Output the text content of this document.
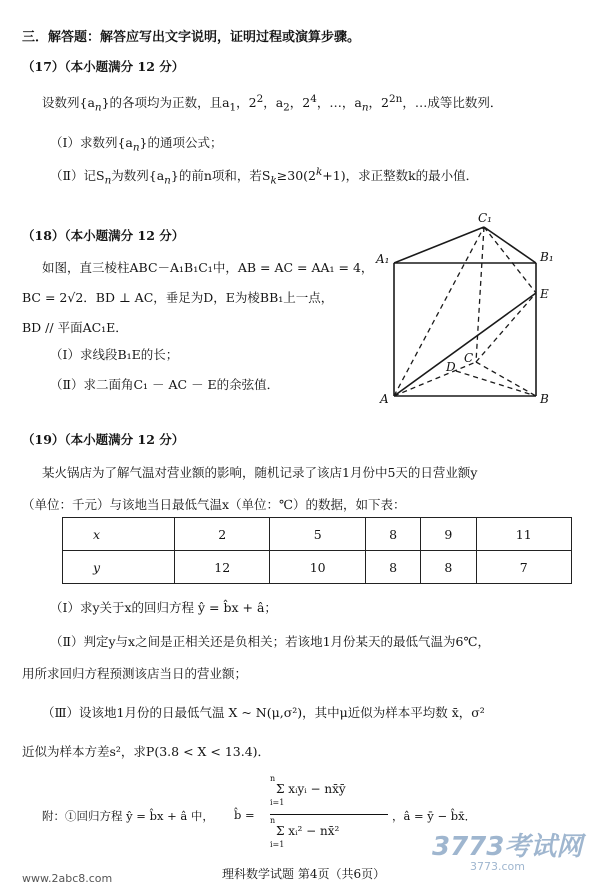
三．解答题：解答应写出文字说明，证明过程或演算步骤。
（17）（本小题满分 12 分）
设数列$\{a_n\}$的各项均为正数，且$a_1$，$2^2$，$a_2$，$2^4$，…，$a_n$，$2^{2n}$，…成等比数列．
（Ⅰ）求数列$\{a_n\}$的通项公式；
（Ⅱ）记$S_n$为数列$\{a_n\}$的前n项和，若$S_k\ge 30(2^k+1)$，求正整数k的最小值．
（18）（本小题满分 12 分）
如图，直三棱柱ABC－A₁B₁C₁中，AB = AC = AA₁ = 4，
BC = 2√2．BD ⊥ AC，垂足为D，E为棱BB₁上一点，
BD // 平面AC₁E．
（Ⅰ）求线段B₁E的长；
（Ⅱ）求二面角C₁ － AC － E的余弦值．
C₁
A₁	B₁
E
D
C
A	B
（19）（本小题满分 12 分）
某火锅店为了解气温对营业额的影响，随机记录了该店1月份中5天的日营业额y
（单位：千元）与该地当日最低气温x（单位：℃）的数据，如下表：
x	2	5	8	9	11
y	12	10	8	8	7
（Ⅰ）求y关于x的回归方程 ŷ = b̂x + â；
（Ⅱ）判定y与x之间是正相关还是负相关；若该地1月份某天的最低气温为6℃，
用所求回归方程预测该店当日的营业额；
（Ⅲ）设该地1月份的日最低气温 X ~ N(μ,σ²)，其中μ近似为样本平均数 x̄，σ²
近似为样本方差s²，求P(3.8 < X < 13.4)．
附：①回归方程 ŷ = b̂x + â 中， b̂ =
n
Σ xᵢyᵢ − nx̄ȳ
i=1
n
Σ xᵢ² − nx̄²
i=1
，â = ȳ − b̂x̄．
理科数学试题 第4页（共6页）
www.2abc8.com
3773考试网
3773.com
